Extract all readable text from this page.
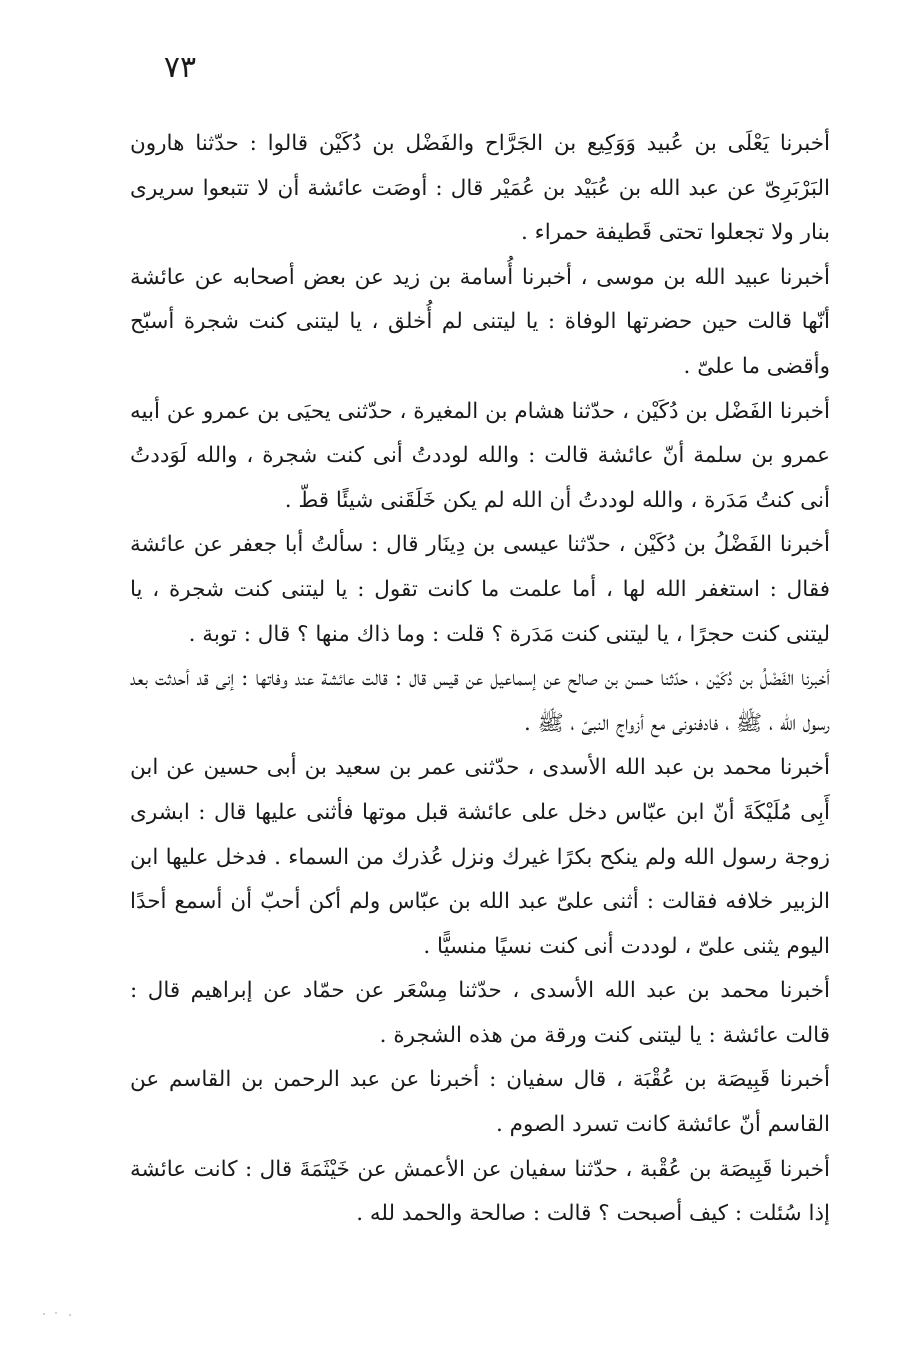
٧٣

أخبرنا يَعْلَى بن عُبيد وَوَكِيع بن الجَرَّاح والفَضْل بن دُكَيْن قالوا : حدّثنا هارون البَرْبَرِىّ عن عبد الله بن عُبَيْد بن عُمَيْر قال : أوصَت عائشة أن لا تتبعوا سريرى بنار ولا تجعلوا تحتى قَطيفة حمراء .

أخبرنا عبيد الله بن موسى ، أخبرنا أُسامة بن زيد عن بعض أصحابه عن عائشة أنّها قالت حين حضرتها الوفاة : يا ليتنى لم أُخلق ، يا ليتنى كنت شجرة أسبّح وأقضى ما علىّ .

أخبرنا الفَضْل بن دُكَيْن ، حدّثنا هشام بن المغيرة ، حدّثنى يحيَى بن عمرو عن أبيه عمرو بن سلمة أنّ عائشة قالت : والله لوددتُ أنى كنت شجرة ، والله لَوَددتُ أنى كنتُ مَدَرة ، والله لوددتُ أن الله لم يكن خَلَقَنى شيئًا قطّ .

أخبرنا الفَضْلُ بن دُكَيْن ، حدّثنا عيسى بن دِينَار قال : سألتُ أبا جعفر عن عائشة فقال : استغفر الله لها ، أما علمت ما كانت تقول : يا ليتنى كنت شجرة ، يا ليتنى كنت حجرًا ، يا ليتنى كنت مَدَرة ؟ قلت : وما ذاك منها ؟ قال : توبة .

أخبرنا الفَضْلُ بن دُكَيْن ، حدّثنا حسن بن صالح عن إسماعيل عن قيس قال : قالت عائشة عند وفاتها : إنى قد أحدثت بعد رسول الله ، ﷺ ، فادفنونى مع أزواج النبىّ ، ﷺ .

أخبرنا محمد بن عبد الله الأسدى ، حدّثنى عمر بن سعيد بن أبى حسين عن ابن أَبِى مُلَيْكَةَ أنّ ابن عبّاس دخل على عائشة قبل موتها فأثنى عليها قال : ابشرى زوجة رسول الله ولم ينكح بكرًا غيرك ونزل عُذرك من السماء . فدخل عليها ابن الزبير خلافه فقالت : أثنى علىّ عبد الله بن عبّاس ولم أكن أحبّ أن أسمع أحدًا اليوم يثنى علىّ ، لوددت أنى كنت نسيًا منسيًّا .

أخبرنا محمد بن عبد الله الأسدى ، حدّثنا مِسْعَر عن حمّاد عن إبراهيم قال : قالت عائشة : يا ليتنى كنت ورقة من هذه الشجرة .

أخبرنا قَبِيصَة بن عُقْبَة ، قال سفيان : أخبرنا عن عبد الرحمن بن القاسم عن القاسم أنّ عائشة كانت تسرد الصوم .

أخبرنا قَبِيصَة بن عُقْبة ، حدّثنا سفيان عن الأعمش عن خَيْثَمَةَ قال : كانت عائشة إذا سُئلت : كيف أصبحت ؟ قالت : صالحة والحمد لله .
